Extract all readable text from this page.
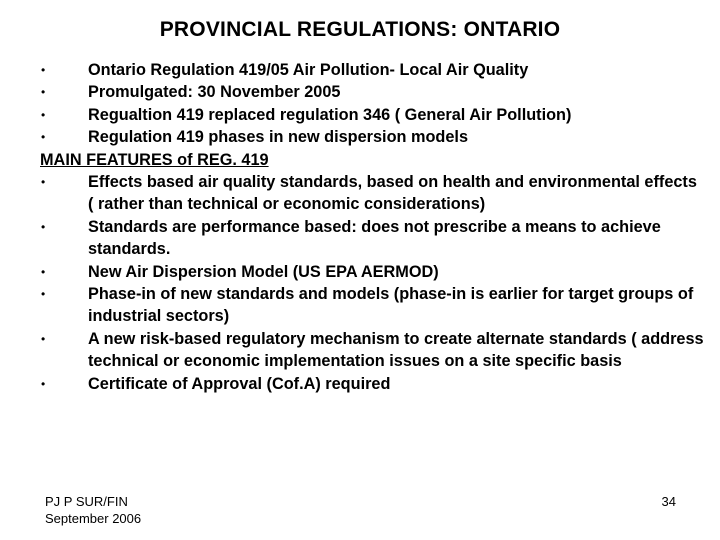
PROVINCIAL REGULATIONS: ONTARIO
•	Ontario Regulation 419/05 Air Pollution- Local Air Quality
•	Promulgated: 30 November 2005
•	Regualtion 419 replaced regulation 346 ( General Air Pollution)
•	Regulation 419 phases in new dispersion models
MAIN FEATURES of REG. 419
•	Effects based air quality standards, based on health and environmental effects ( rather than technical or economic considerations)
•	Standards are performance based: does not prescribe a means to achieve standards.
•	New Air Dispersion Model (US EPA AERMOD)
•	Phase-in of new standards and models (phase-in is earlier for target groups of industrial sectors)
•	A new risk-based regulatory mechanism to create alternate standards ( address technical or economic implementation issues on a site specific basis
•	Certificate of Approval (Cof.A) required
PJ P SUR/FIN
September 2006
34
